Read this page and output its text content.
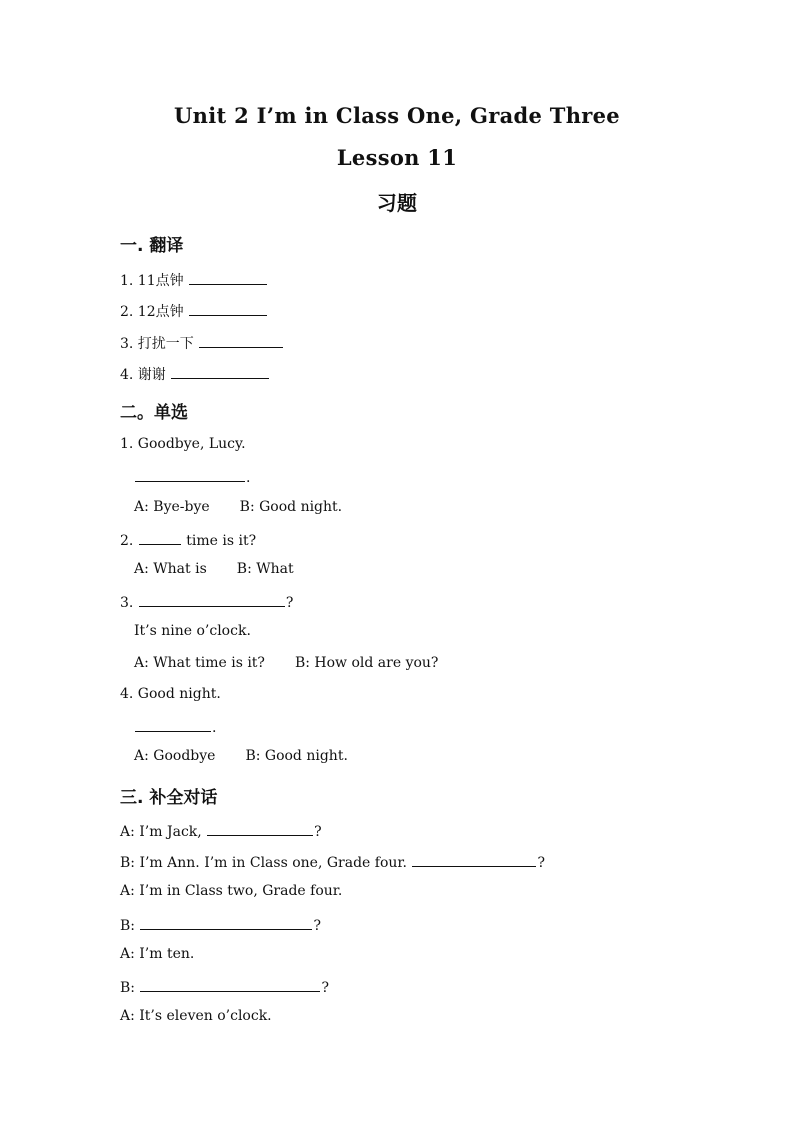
Unit 2 I’m in Class One, Grade Three
Lesson 11
习题
一. 翻译
1. 11点钟
2. 12点钟
3. 打扰一下
4. 谢谢
二。单选
1. Goodbye, Lucy.
.
A: Bye-bye B: Good night.
2.	time is it?
A: What is B: What
3.	?
It’s nine o’clock.
A: What time is it? B: How old are you?
4. Good night.
.
A: Goodbye B: Good night.
三. 补全对话
A: I’m Jack,	?
B: I’m Ann. I’m in Class one, Grade four.	?
A: I’m in Class two, Grade four.
B:	?
A: I’m ten.
B:	?
A: It’s eleven o’clock.
